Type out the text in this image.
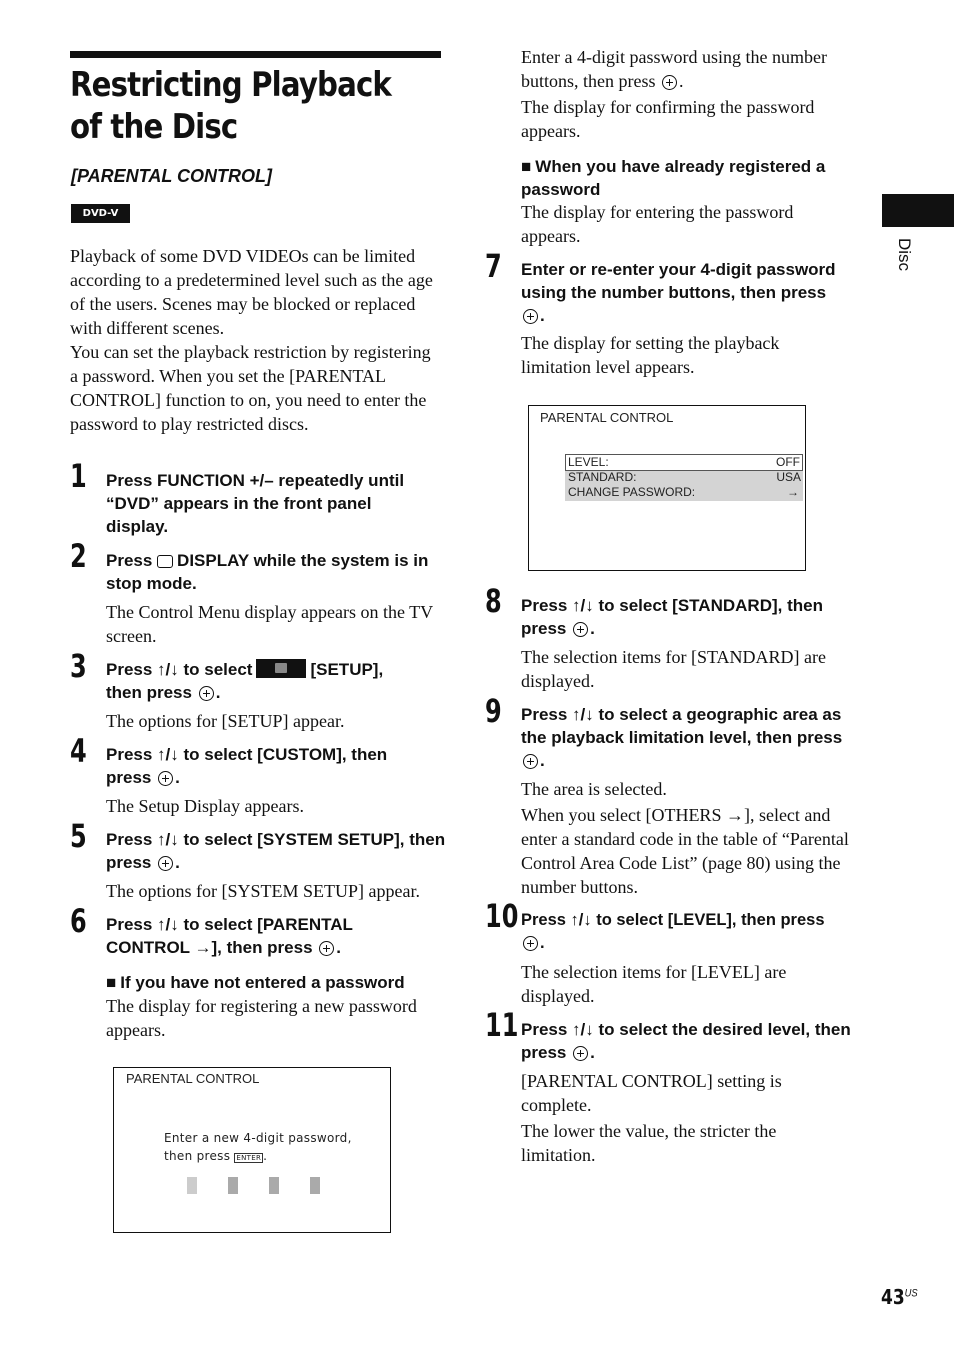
Restricting Playback of the Disc
[PARENTAL CONTROL]
DVD-V
Playback of some DVD VIDEOs can be limited according to a predetermined level such as the age of the users. Scenes may be blocked or replaced with different scenes.
You can set the playback restriction by registering a password. When you set the [PARENTAL CONTROL] function to on, you need to enter the password to play restricted discs.
1 Press FUNCTION +/– repeatedly until “DVD” appears in the front panel display.
2 Press DISPLAY while the system is in stop mode.
The Control Menu display appears on the TV screen.
3 Press ↑/↓ to select	[SETUP],
then press .
The options for [SETUP] appear.
4 Press ↑/↓ to select [CUSTOM], then press .
The Setup Display appears.
5 Press ↑/↓ to select [SYSTEM SETUP], then press .
The options for [SYSTEM SETUP] appear.
6 Press ↑/↓ to select [PARENTAL CONTROL →], then press .
■ If you have not entered a password
The display for registering a new password appears.
PARENTAL CONTROL
Enter a new 4-digit password,
then press ENTER .
Enter a 4-digit password using the number buttons, then press .
The display for confirming the password appears.
■ When you have already registered a password
The display for entering the password appears.
7 Enter or re-enter your 4-digit password using the number buttons, then press
.
The display for setting the playback limitation level appears.
PARENTAL CONTROL
LEVEL:	OFF
STANDARD:	USA
CHANGE PASSWORD:	→
8 Press ↑/↓ to select [STANDARD], then press .
The selection items for [STANDARD] are displayed.
9 Press ↑/↓ to select a geographic area as the playback limitation level, then press .
The area is selected.
When you select [OTHERS →], select and enter a standard code in the table of “Parental Control Area Code List” (page 80) using the number buttons.
10 Press ↑/↓ to select [LEVEL], then press
.
The selection items for [LEVEL] are displayed.
11 Press ↑/↓ to select the desired level, then press .
[PARENTAL CONTROL] setting is complete.
The lower the value, the stricter the limitation.
Disc
$43^{US}$
